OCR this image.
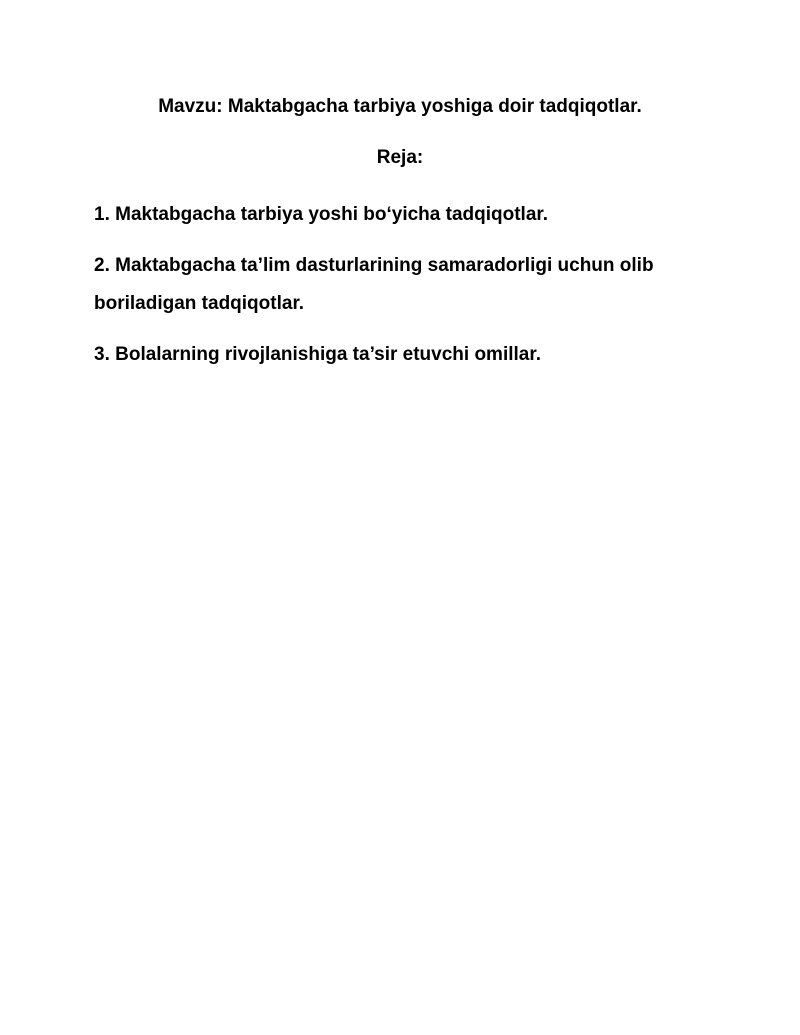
Mavzu: Maktabgacha tarbiya yoshiga doir tadqiqotlar.
Reja:
1. Maktabgacha tarbiya yoshi bo‘yicha tadqiqotlar.
2. Maktabgacha ta’lim dasturlarining samaradorligi uchun olib boriladigan tadqiqotlar.
3. Bolalarning rivojlanishiga ta’sir etuvchi omillar.
